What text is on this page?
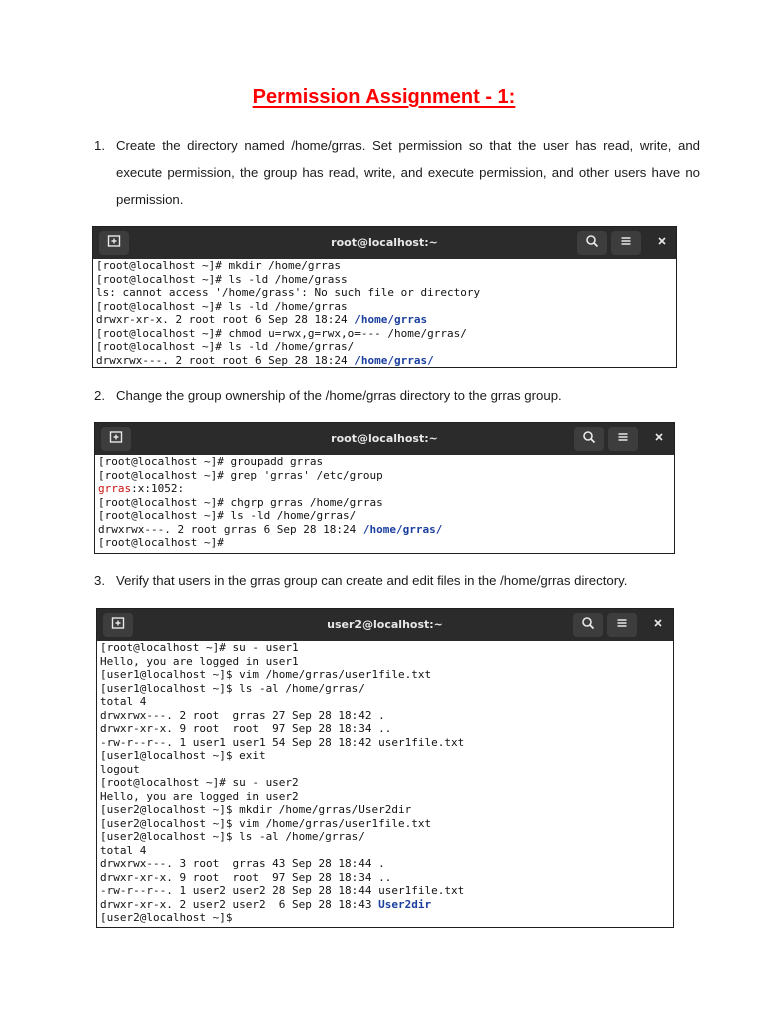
Permission Assignment - 1:
1. Create the directory named /home/grras. Set permission so that the user has read, write, and execute permission, the group has read, write, and execute permission, and other users have no permission.
root@localhost:~
[root@localhost ~]# mkdir /home/grras
[root@localhost ~]# ls -ld /home/grass
ls: cannot access '/home/grass': No such file or directory
[root@localhost ~]# ls -ld /home/grras
drwxr-xr-x. 2 root root 6 Sep 28 18:24 /home/grras
[root@localhost ~]# chmod u=rwx,g=rwx,o=--- /home/grras/
[root@localhost ~]# ls -ld /home/grras/
drwxrwx---. 2 root root 6 Sep 28 18:24 /home/grras/
2. Change the group ownership of the /home/grras directory to the grras group.
root@localhost:~
[root@localhost ~]# groupadd grras
[root@localhost ~]# grep 'grras' /etc/group
grras:x:1052:
[root@localhost ~]# chgrp grras /home/grras
[root@localhost ~]# ls -ld /home/grras/
drwxrwx---. 2 root grras 6 Sep 28 18:24 /home/grras/
[root@localhost ~]#
3. Verify that users in the grras group can create and edit files in the /home/grras directory.
user2@localhost:~
[root@localhost ~]# su - user1
Hello, you are logged in user1
[user1@localhost ~]$ vim /home/grras/user1file.txt
[user1@localhost ~]$ ls -al /home/grras/
total 4
drwxrwx---. 2 root  grras 27 Sep 28 18:42 .
drwxr-xr-x. 9 root  root  97 Sep 28 18:34 ..
-rw-r--r--. 1 user1 user1 54 Sep 28 18:42 user1file.txt
[user1@localhost ~]$ exit
logout
[root@localhost ~]# su - user2
Hello, you are logged in user2
[user2@localhost ~]$ mkdir /home/grras/User2dir
[user2@localhost ~]$ vim /home/grras/user1file.txt
[user2@localhost ~]$ ls -al /home/grras/
total 4
drwxrwx---. 3 root  grras 43 Sep 28 18:44 .
drwxr-xr-x. 9 root  root  97 Sep 28 18:34 ..
-rw-r--r--. 1 user2 user2 28 Sep 28 18:44 user1file.txt
drwxr-xr-x. 2 user2 user2  6 Sep 28 18:43 User2dir
[user2@localhost ~]$
